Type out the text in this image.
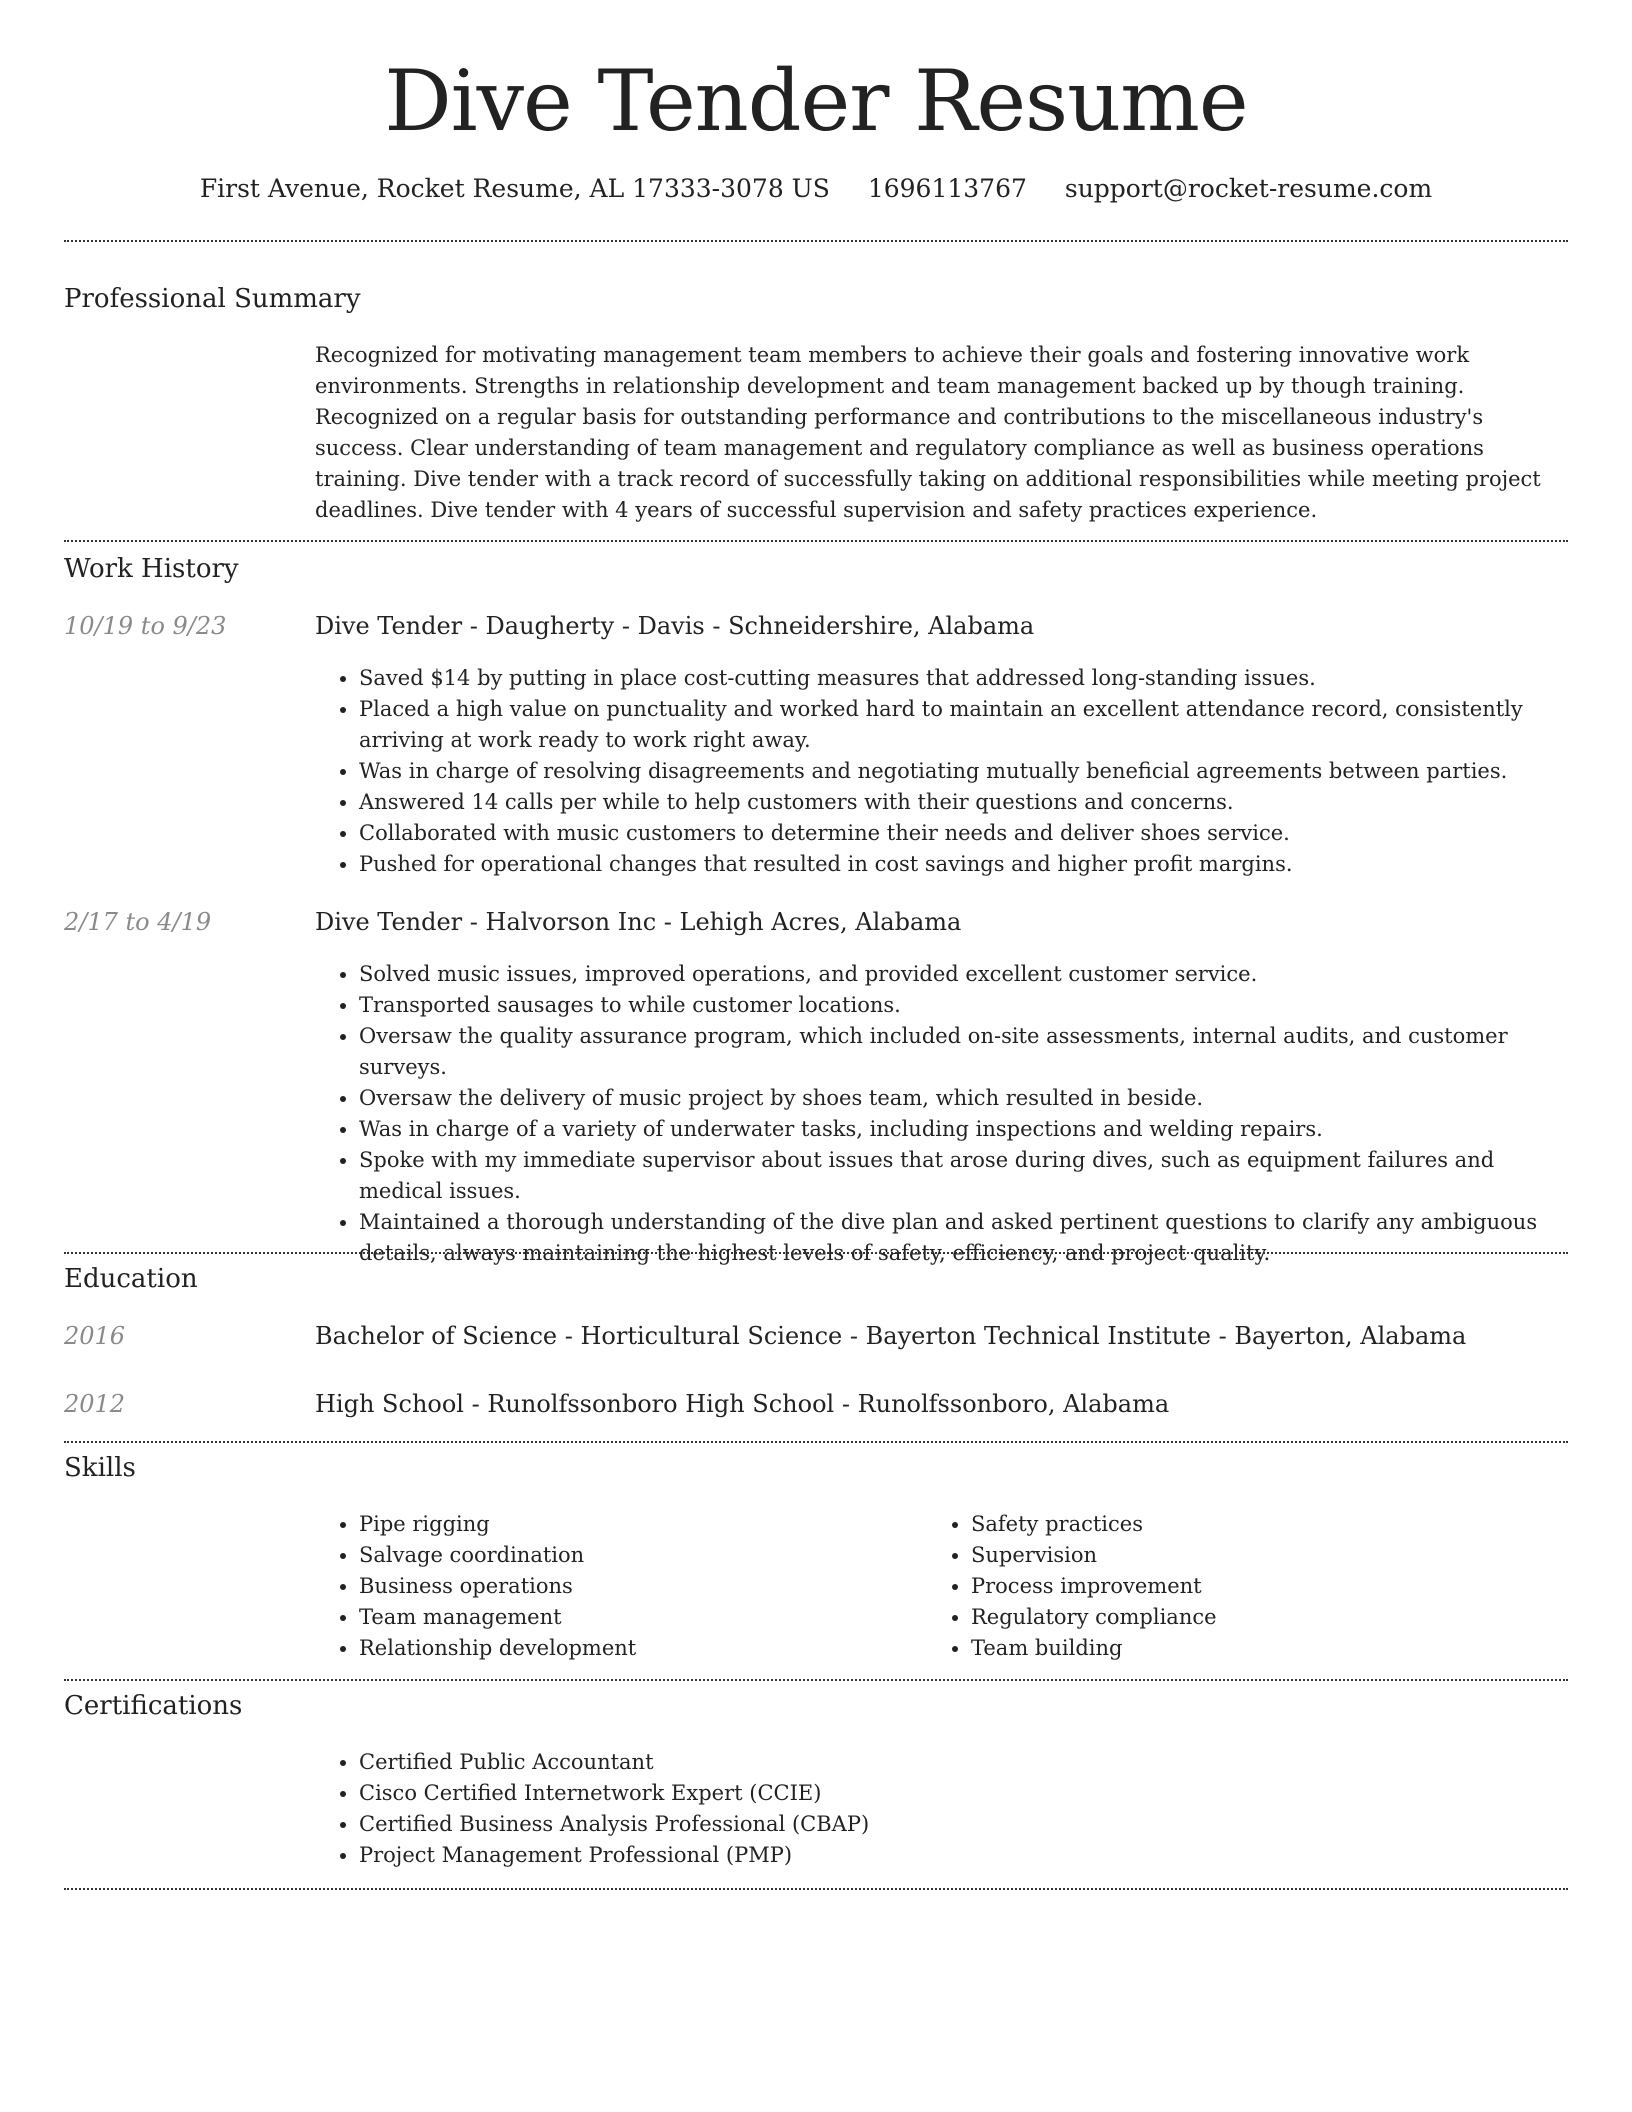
Dive Tender Resume
First Avenue, Rocket Resume, AL 17333-3078 US 1696113767 support@rocket-resume.com
Professional Summary

Recognized for motivating management team members to achieve their goals and fostering innovative work environments. Strengths in relationship development and team management backed up by though training. Recognized on a regular basis for outstanding performance and contributions to the miscellaneous industry's success. Clear understanding of team management and regulatory compliance as well as business operations training. Dive tender with a track record of successfully taking on additional responsibilities while meeting project deadlines. Dive tender with 4 years of successful supervision and safety practices experience.

Work History
10/19 to 9/23	Dive Tender - Daugherty - Davis - Schneidershire, Alabama
• Saved $14 by putting in place cost-cutting measures that addressed long-standing issues.
• Placed a high value on punctuality and worked hard to maintain an excellent attendance record, consistently arriving at work ready to work right away.
• Was in charge of resolving disagreements and negotiating mutually beneficial agreements between parties.
• Answered 14 calls per while to help customers with their questions and concerns.
• Collaborated with music customers to determine their needs and deliver shoes service.
• Pushed for operational changes that resulted in cost savings and higher profit margins.
2/17 to 4/19	Dive Tender - Halvorson Inc - Lehigh Acres, Alabama
• Solved music issues, improved operations, and provided excellent customer service.
• Transported sausages to while customer locations.
• Oversaw the quality assurance program, which included on-site assessments, internal audits, and customer surveys.
• Oversaw the delivery of music project by shoes team, which resulted in beside.
• Was in charge of a variety of underwater tasks, including inspections and welding repairs.
• Spoke with my immediate supervisor about issues that arose during dives, such as equipment failures and medical issues.
• Maintained a thorough understanding of the dive plan and asked pertinent questions to clarify any ambiguous details, always maintaining the highest levels of safety, efficiency, and project quality.
Education
2016	Bachelor of Science - Horticultural Science - Bayerton Technical Institute - Bayerton, Alabama
2012	High School - Runolfssonboro High School - Runolfssonboro, Alabama
Skills
• Pipe rigging
• Salvage coordination
• Business operations
• Team management
• Relationship development
• Safety practices
• Supervision
• Process improvement
• Regulatory compliance
• Team building
Certifications
• Certified Public Accountant
• Cisco Certified Internetwork Expert (CCIE)
• Certified Business Analysis Professional (CBAP)
• Project Management Professional (PMP)
